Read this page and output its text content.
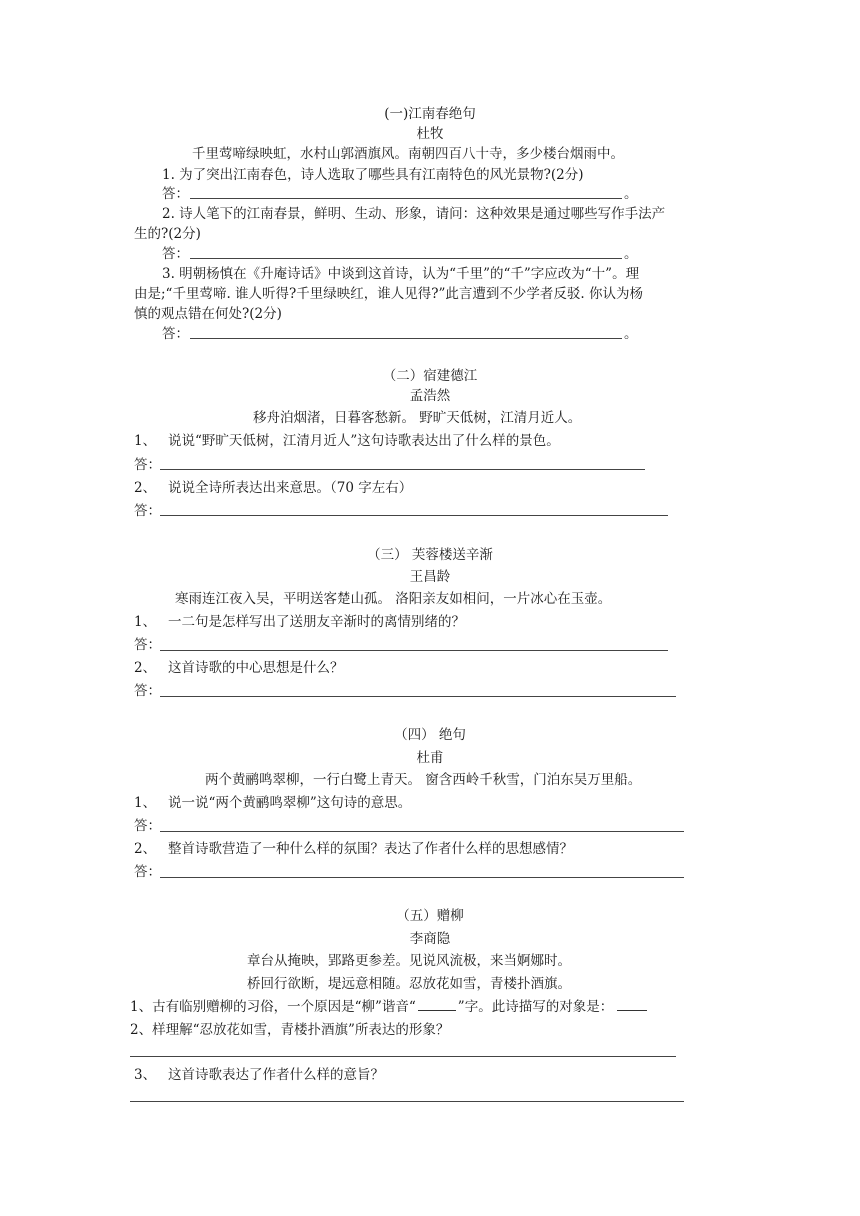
(一)江南春绝句
杜牧
千里莺啼绿映虹，水村山郭酒旗风。南朝四百八十寺，多少楼台烟雨中。
1. 为了突出江南春色，诗人选取了哪些具有江南特色的风光景物?(2分)
答：	。
2. 诗人笔下的江南春景，鲜明、生动、形象，请问：这种效果是通过哪些写作手法产
生的?(2分)
答：	。
3. 明朝杨慎在《升庵诗话》中谈到这首诗，认为“千里”的“千”字应改为“十”。理
由是;“千里莺啼. 谁人听得?千里绿映红，谁人见得?”此言遭到不少学者反驳. 你认为杨
慎的观点错在何处?(2分)
答：	。
（二）宿建德江
孟浩然
移舟泊烟渚，日暮客愁新。 野旷天低树，江清月近人。
1、 说说“野旷天低树，江清月近人”这句诗歌表达出了什么样的景色。
答：
2、 说说全诗所表达出来意思。（70 字左右）
答：
（三） 芙蓉楼送辛渐
王昌龄
寒雨连江夜入吴，平明送客楚山孤。 洛阳亲友如相问，一片冰心在玉壶。
1、 一二句是怎样写出了送朋友辛渐时的离情别绪的？
答：
2、 这首诗歌的中心思想是什么？
答：
（四） 绝句
杜甫
两个黄鹂鸣翠柳，一行白鹭上青天。 窗含西岭千秋雪，门泊东吴万里船。
1、 说一说“两个黄鹂鸣翠柳”这句诗的意思。
答：
2、 整首诗歌营造了一种什么样的氛围？表达了作者什么样的思想感情？
答：
（五）赠柳
李商隐
章台从掩映，郢路更参差。见说风流极，来当婀娜时。
桥回行欲断，堤远意相随。忍放花如雪，青楼扑酒旗。
1、古有临别赠柳的习俗，一个原因是“柳”谐音“	”字。此诗描写的对象是：
2、样理解“忍放花如雪，青楼扑酒旗”所表达的形象？
3、 这首诗歌表达了作者什么样的意旨？
